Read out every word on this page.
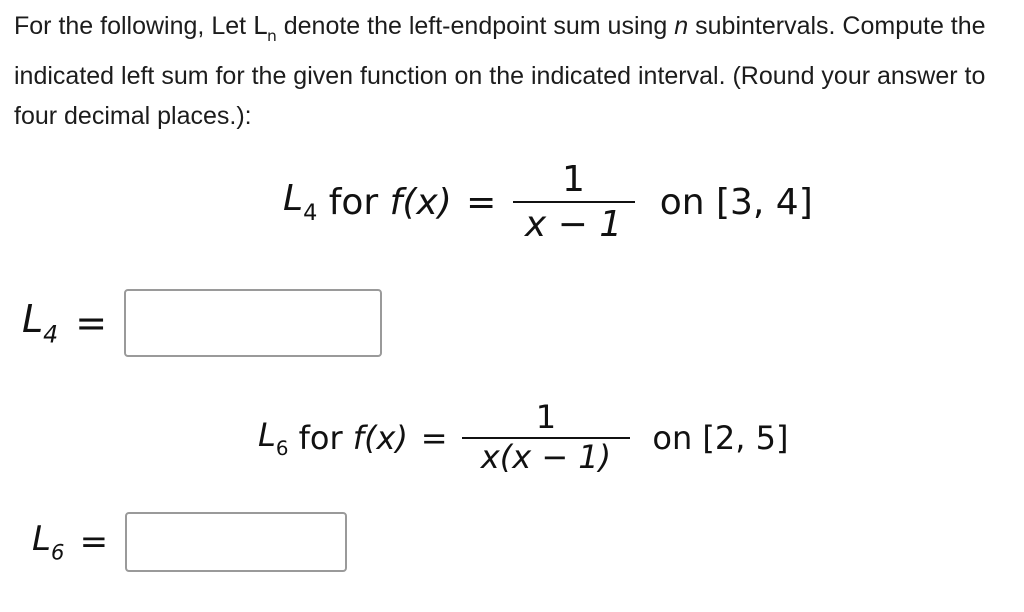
For the following, Let $L_n$ denote the left-endpoint sum using n subintervals. Compute the indicated left sum for the given function on the indicated interval. (Round your answer to four decimal places.):
$L_4$
for
$f(x) = \frac{1}{x - 1}$ on [3, 4]
$L_4$ =
$L_6$
for
$f(x) = \frac{1}{x(x - 1)}$ on [2, 5]
$L_6$ =
